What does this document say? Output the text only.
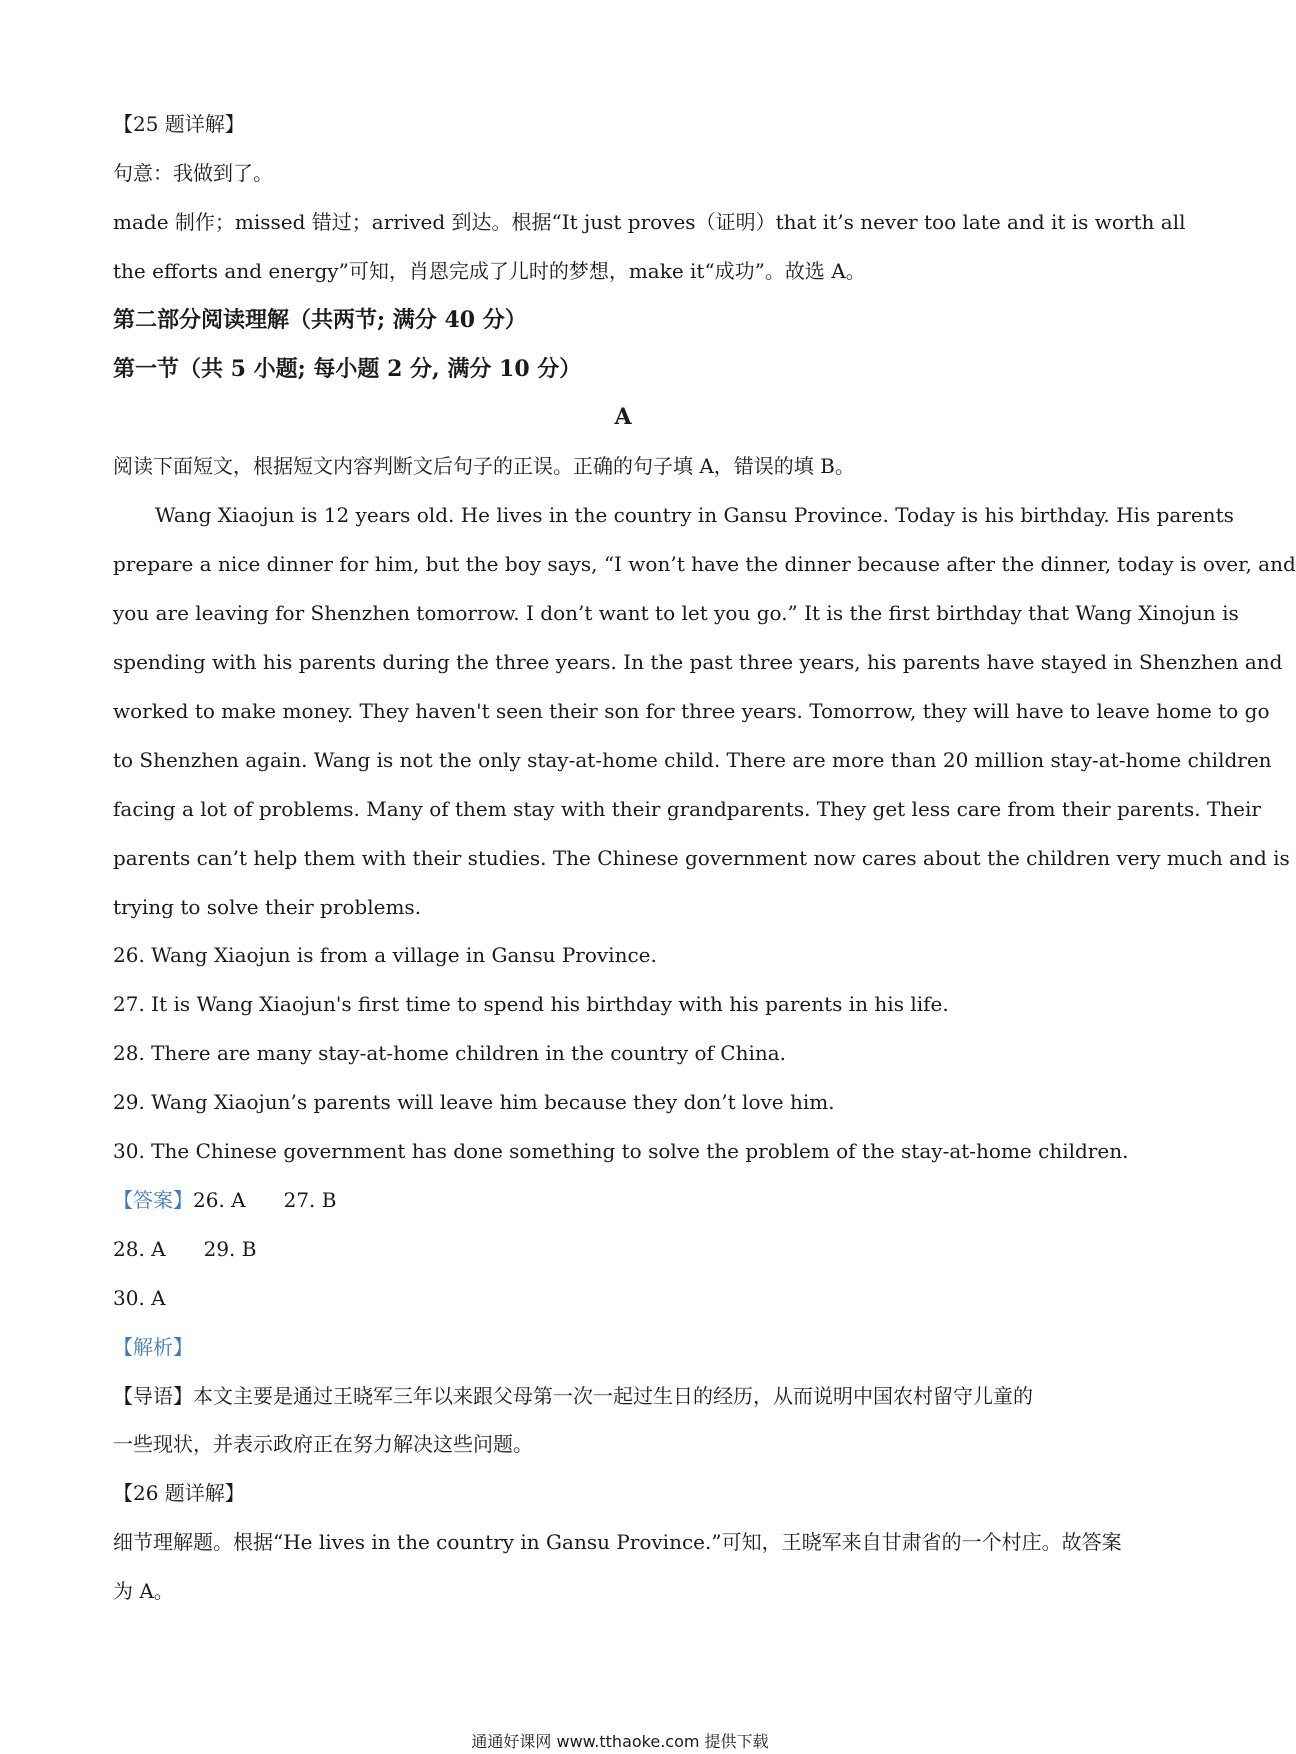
【25 题详解】
句意：我做到了。
made 制作；missed 错过；arrived 到达。根据“It just proves（证明）that it’s never too late and it is worth all
the efforts and energy”可知，肖恩完成了儿时的梦想，make it“成功”。故选 A。
第二部分阅读理解（共两节; 满分 40 分）
第一节（共 5 小题; 每小题 2 分, 满分 10 分）
A
阅读下面短文，根据短文内容判断文后句子的正误。正确的句子填 A，错误的填 B。
Wang Xiaojun is 12 years old. He lives in the country in Gansu Province. Today is his birthday. His parents
prepare a nice dinner for him, but the boy says, “I won’t have the dinner because after the dinner, today is over, and
you are leaving for Shenzhen tomorrow. I don’t want to let you go.” It is the first birthday that Wang Xinojun is
spending with his parents during the three years. In the past three years, his parents have stayed in Shenzhen and
worked to make money. They haven't seen their son for three years. Tomorrow, they will have to leave home to go
to Shenzhen again. Wang is not the only stay-at-home child. There are more than 20 million stay-at-home children
facing a lot of problems. Many of them stay with their grandparents. They get less care from their parents. Their
parents can’t help them with their studies. The Chinese government now cares about the children very much and is
trying to solve their problems.
26. Wang Xiaojun is from a village in Gansu Province.
27. It is Wang Xiaojun's first time to spend his birthday with his parents in his life.
28. There are many stay-at-home children in the country of China.
29. Wang Xiaojun’s parents will leave him because they don’t love him.
30. The Chinese government has done something to solve the problem of the stay-at-home children.
【答案】26. A 27. B
28. A 29. B
30. A
【解析】
【导语】本文主要是通过王晓军三年以来跟父母第一次一起过生日的经历，从而说明中国农村留守儿童的
一些现状，并表示政府正在努力解决这些问题。
【26 题详解】
细节理解题。根据“He lives in the country in Gansu Province.”可知，王晓军来自甘肃省的一个村庄。故答案
为 A。
通通好课网 www.tthaoke.com 提供下载
